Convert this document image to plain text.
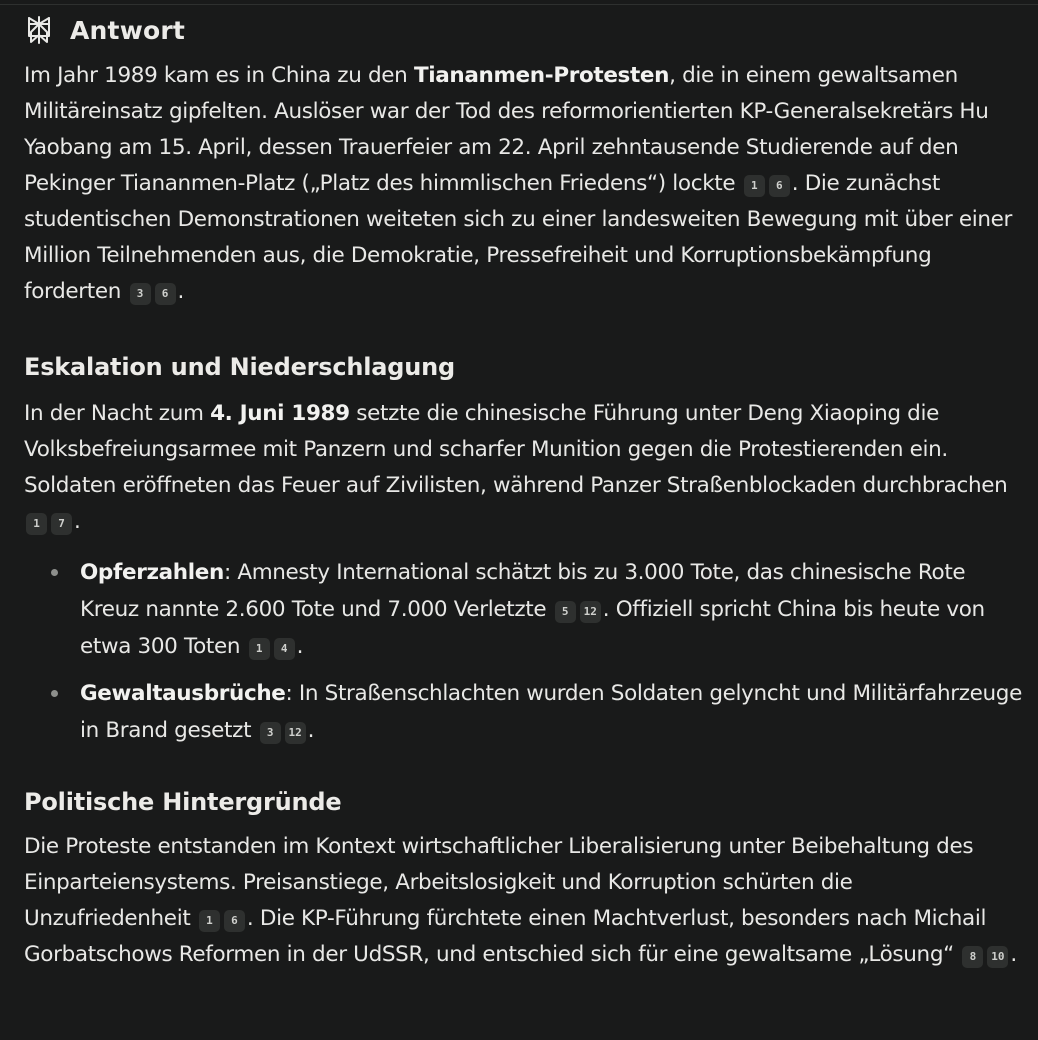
Antwort

Im Jahr 1989 kam es in China zu den Tiananmen-Protesten, die in einem gewaltsamen Militäreinsatz gipfelten. Auslöser war der Tod des reformorientierten KP-Generalsekretärs Hu Yaobang am 15. April, dessen Trauerfeier am 22. April zehntausende Studierende auf den Pekinger Tiananmen-Platz („Platz des himmlischen Friedens“) lockte 1 6 . Die zunächst studentischen Demonstrationen weiteten sich zu einer landesweiten Bewegung mit über einer Million Teilnehmenden aus, die Demokratie, Pressefreiheit und Korruptionsbekämpfung forderten 3 6 .

Eskalation und Niederschlagung

In der Nacht zum 4. Juni 1989 setzte die chinesische Führung unter Deng Xiaoping die Volksbefreiungsarmee mit Panzern und scharfer Munition gegen die Protestierenden ein. Soldaten eröffneten das Feuer auf Zivilisten, während Panzer Straßenblockaden durchbrachen 1 7 .

Opferzahlen: Amnesty International schätzt bis zu 3.000 Tote, das chinesische Rote Kreuz nannte 2.600 Tote und 7.000 Verletzte 5 12 . Offiziell spricht China bis heute von etwa 300 Toten 1 4 .
Gewaltausbrüche: In Straßenschlachten wurden Soldaten gelyncht und Militärfahrzeuge in Brand gesetzt 3 12 .
Politische Hintergründe

Die Proteste entstanden im Kontext wirtschaftlicher Liberalisierung unter Beibehaltung des Einparteiensystems. Preisanstiege, Arbeitslosigkeit und Korruption schürten die Unzufriedenheit 1 6 . Die KP-Führung fürchtete einen Machtverlust, besonders nach Michail Gorbatschows Reformen in der UdSSR, und entschied sich für eine gewaltsame „Lösung“ 8 10 .
